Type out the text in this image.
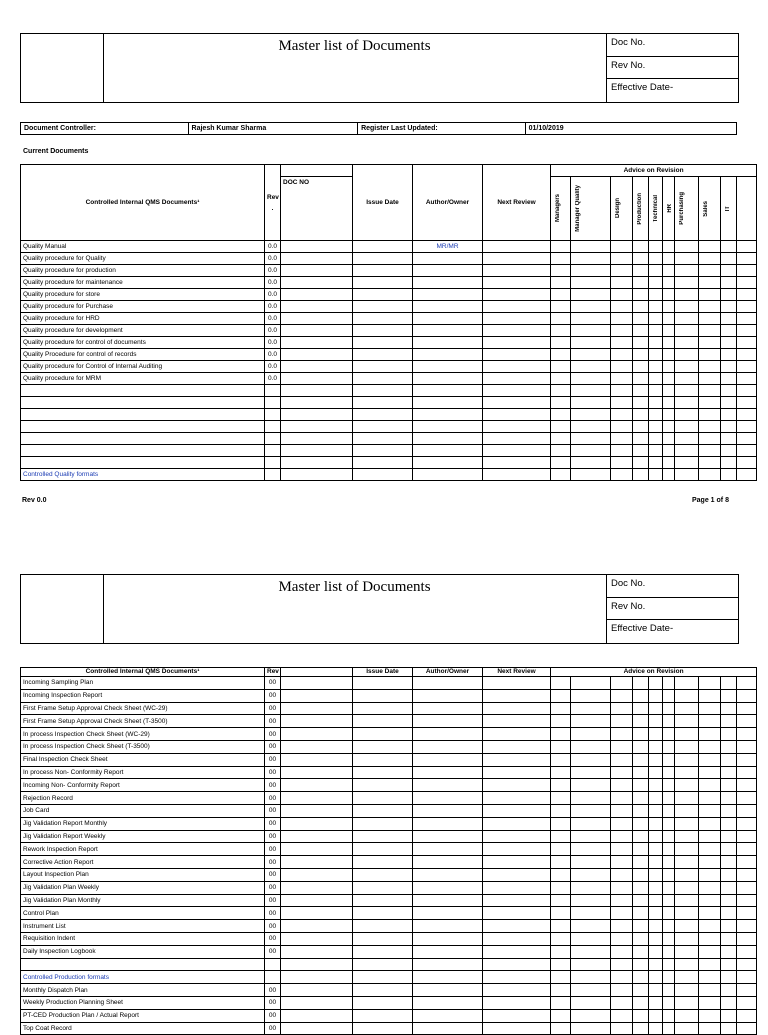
Master list of Documents	Doc No.
Rev No.
Effective Date-
Document Controller:	Rajesh Kumar Sharma	Register Last Updated:	01/10/2019
Current Documents
Controlled Internal QMS Documents¹	Rev
.		Issue Date	Author/Owner	Next Review	Advice on Revision									
		DOC NO				Managers	Manager Quality	Design	Production	Technical	HR	Purchasing	Sales	IT	

Quality Manual	0.0			MR/MR											
Quality procedure for Quality	0.0														
Quality procedure for production	0.0														
Quality procedure for maintenance	0.0														
Quality procedure for store	0.0														
Quality procedure for Purchase	0.0														
Quality procedure for HRD	0.0														
Quality procedure for development	0.0														
Quality procedure for control of documents	0.0														
Quality Procedure for control of records	0.0														
Quality procedure for Control of Internal Auditing	0.0														
Quality procedure for MRM	0.0														

Controlled Quality formats															
Rev 0.0	Page 1 of 8
Master list of Documents	Doc No.
Rev No.
Effective Date-
Controlled Internal QMS Documents¹	Rev		Issue Date	Author/Owner	Next Review	Advice on Revision									
Incoming Sampling Plan	00														
Incoming Inspection Report	00														
First Frame Setup Approval Check Sheet (WC-29)	00														
First Frame Setup Approval Check Sheet (T-3500)	00														
In process Inspection Check Sheet (WC-29)	00														
In process Inspection Check Sheet (T-3500)	00														
Final Inspection Check Sheet	00														
In process Non- Conformity Report	00														
Incoming Non- Conformity Report	00														
Rejection Record	00														
Job Card	00														
Jig Validation Report Monthly	00														
Jig Validation Report Weekly	00														
Rework Inspection Report	00														
Corrective Action Report	00														
Layout Inspection Plan	00														
Jig Validation Plan Weekly	00														
Jig Validation Plan Monthly	00														
Control Plan	00														
Instrument List	00														
Requisition Indent	00														
Daily Inspection Logbook	00														

Controlled Production formats															
Monthly Dispatch Plan	00														
Weekly Production Planning Sheet	00														
PT-CED Production Plan / Actual Report	00														
Top Coat Record	00														
